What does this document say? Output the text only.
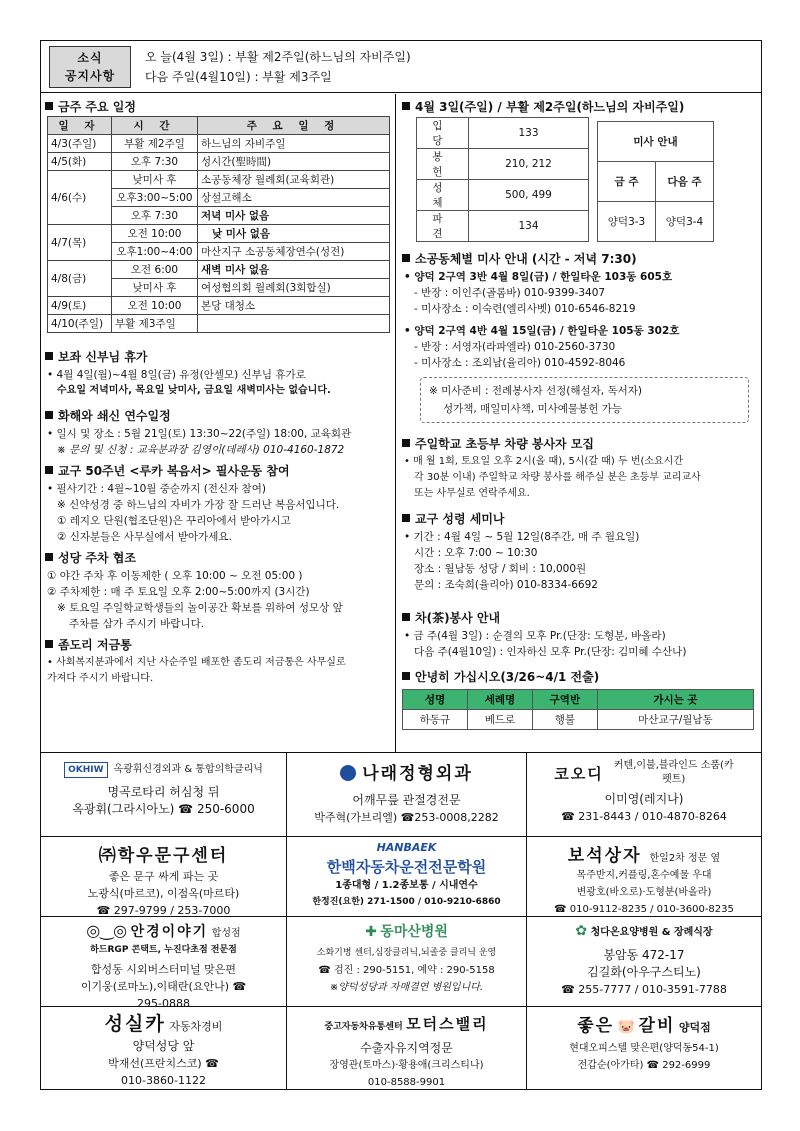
소식
공지사항
오 늘(4월 3일) : 부활 제2주일(하느님의 자비주일)
다음 주일(4월10일) : 부활 제3주일
금주 주요 일정
일 자	시 간	주 요 일 정
4/3(주일)	부활 제2주일	하느님의 자비주일
4/5(화)	오후 7:30	성시간(聖時間)
4/6(수)	낮미사 후	소공동체장 월례회(교육회관)
	오후3:00~5:00	상설고해소
	오후 7:30	저녁 미사 없음
4/7(목)	오전 10:00	낮 미사 없음
	오후1:00~4:00	마산지구 소공동체장연수(성전)
4/8(금)	오전 6:00	새벽 미사 없음
	낮미사 후	여성협의회 월례회(3회합실)
4/9(토)	오전 10:00	본당 대청소
4/10(주일)	부활 제3주일	
보좌 신부님 휴가
• 4월 4일(월)~4월 8일(금) 유정(안셀모) 신부님 휴가로
수요일 저녁미사, 목요일 낮미사, 금요일 새벽미사는 없습니다.
화해와 쇄신 연수일정
• 일시 및 장소 : 5월 21일(토) 13:30~22(주일) 18:00, 교육회관
※ 문의 및 신청 : 교육분과장 김영이(데레사) 010-4160-1872
교구 50주년 <루카 복음서> 필사운동 참여
• 필사기간 : 4월~10월 중순까지 (전신자 참여)
※ 신약성경 중 하느님의 자비가 가장 잘 드러난 복음서입니다.
① 레지오 단원(협조단원)은 꾸리아에서 받아가시고
② 신자분들은 사무실에서 받아가세요.
성당 주차 협조
① 야간 주차 후 이동제한 ( 오후 10:00 ~ 오전 05:00 )
② 주차제한 : 매 주 토요일 오후 2:00~5:00까지 (3시간)
※ 토요일 주일학교학생들의 놀이공간 확보를 위하여 성모상 앞
주차를 삼가 주시기 바랍니다.
좀도리 저금통
• 사회복지분과에서 지난 사순주일 배포한 좀도리 저금통은 사무실로
가져다 주시기 바랍니다.
4월 3일(주일) / 부활 제2주일(하느님의 자비주일)
입 당	133
봉 헌	210, 212
성 체	500, 499
파 견	134
미사 안내	
금 주	다음 주
양덕3-3	양덕3-4
소공동체별 미사 안내 (시간 - 저녁 7:30)
• 양덕 2구역 3반 4월 8일(금) / 한일타운 103동 605호
- 반장 : 이인주(골롬바) 010-9399-3407
- 미사장소 : 이숙련(엘리사벳) 010-6546-8219
• 양덕 2구역 4반 4월 15일(금) / 한일타운 105동 302호
- 반장 : 서영자(라파엘라) 010-2560-3730
- 미사장소 : 조외남(율리아) 010-4592-8046
※ 미사준비 : 전례봉사자 선정(해설자, 독서자)
성가책, 매일미사책, 미사예물봉헌 가능
주일학교 초등부 차량 봉사자 모집
• 매 월 1회, 토요일 오후 2시(올 때), 5시(갈 때) 두 번(소요시간
각 30분 이내) 주일학교 차량 봉사를 해주실 분은 초등부 교리교사
또는 사무실로 연락주세요.
교구 성령 세미나
• 기간 : 4월 4일 ~ 5월 12일(8주간, 매 주 월요일)
시간 : 오후 7:00 ~ 10:30
장소 : 월남동 성당 / 회비 : 10,000원
문의 : 조숙희(율리아) 010-8334-6692
차(茶)봉사 안내
• 금 주(4월 3일) : 순결의 모후 Pr.(단장: 도형분, 바올라)
다음 주(4월10일) : 인자하신 모후 Pr.(단장: 김미혜 수산나)
안녕히 가십시오(3/26~4/1 전출)
성명	세례명	구역반	가시는 곳
하동규	베드로	행불	마산교구/월남동
OKHIW	옥광휘신경외과 & 통합의학클리닉
명곡로타리 허심청 뒤
옥광휘(그라시아노) ☎ 250-6000
나래정형외과
어깨무릎 관절경전문
박주혁(가브리엘) ☎253-0008,2282
코오디 커텐,이불,블라인드 소품(카펫트)
이미영(레지나)
☎ 231-8443 / 010-4870-8264
㈜학우문구센터
좋은 문구 싸게 파는 곳
노광식(마르코), 이점옥(마르타)
☎ 297-9799 / 253-7000
HANBAEK
한백자동차운전전문학원
1종대형 / 1.2종보통 / 시내연수
한정진(요한) 271-1500 / 010-9210-6860
보석상자 한일2차 정문 옆
목주반지,커플링,혼수예물 우대
변광호(바오로)·도형분(바올라)
☎ 010-9112-8235 / 010-3600-8235
◎‿◎ 안경이야기 합성점
하드RGP 콘택트, 누진다초점 전문점
합성동 시외버스터미널 맞은편
이기웅(로마노),이태란(요안나) ☎
295-0888
✚ 동마산병원
소화기병 센터,심장클리닉,뇌졸중 클리닉 운영
☎ 검진 : 290-5151, 예약 : 290-5158
※양덕성당과 자매결연 병원입니다.
✿ 청다온요양병원 & 장례식장
봉암동 472-17
김길화(아우구스티노)
☎ 255-7777 / 010-3591-7788
성실카 자동차경비
양덕성당 앞
박재선(프란치스코) ☎
010-3860-1122
중고자동차유통센터 모터스밸리
수출자유지역정문
장영관(토마스)·황용애(크리스티나)
010-8588-9901
좋은 🐷 갈비 양덕점
현대오피스텔 맞은편(양덕동54-1)
전갑순(아가타) ☎ 292-6999
